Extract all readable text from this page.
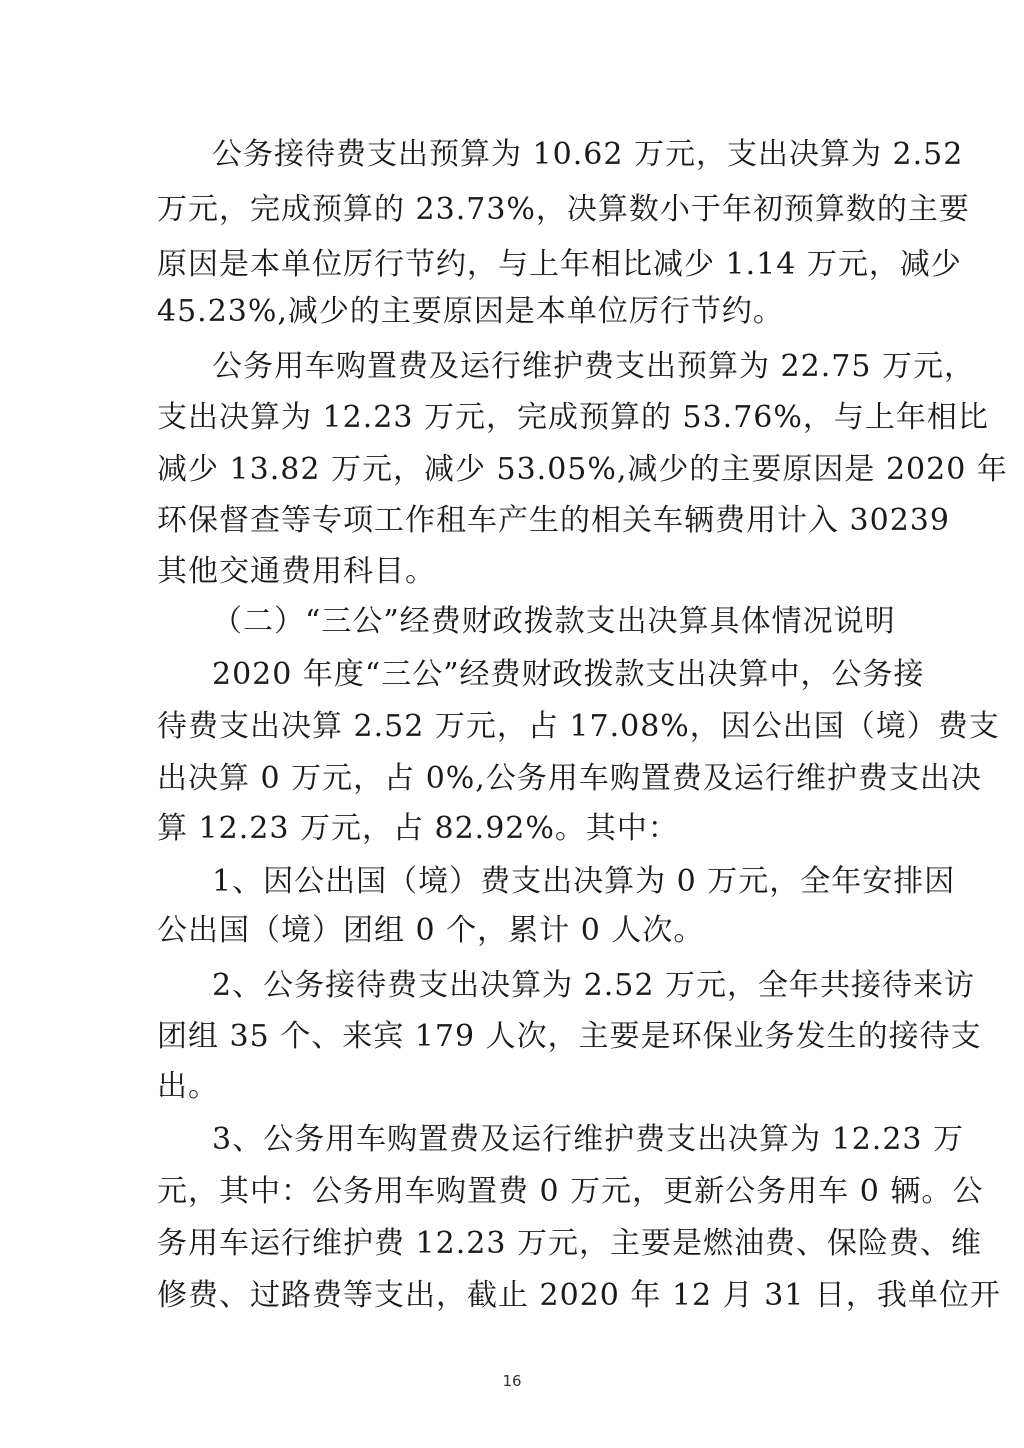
公务接待费支出预算为 10.62 万元，支出决算为 2.52
万元，完成预算的 23.73%，决算数小于年初预算数的主要
原因是本单位厉行节约，与上年相比减少 1.14 万元，减少
45.23%,减少的主要原因是本单位厉行节约。
公务用车购置费及运行维护费支出预算为 22.75 万元，
支出决算为 12.23 万元，完成预算的 53.76%，与上年相比
减少 13.82 万元，减少 53.05%,减少的主要原因是 2020 年
环保督查等专项工作租车产生的相关车辆费用计入 30239
其他交通费用科目。
（二）“三公”经费财政拨款支出决算具体情况说明
2020 年度“三公”经费财政拨款支出决算中，公务接
待费支出决算 2.52 万元，占 17.08%，因公出国（境）费支
出决算 0 万元，占 0%,公务用车购置费及运行维护费支出决
算 12.23 万元，占 82.92%。其中：
1、因公出国（境）费支出决算为 0 万元，全年安排因
公出国（境）团组 0 个，累计 0 人次。
2、公务接待费支出决算为 2.52 万元，全年共接待来访
团组 35 个、来宾 179 人次，主要是环保业务发生的接待支
出。
3、公务用车购置费及运行维护费支出决算为 12.23 万
元，其中：公务用车购置费 0 万元，更新公务用车 0 辆。公
务用车运行维护费 12.23 万元，主要是燃油费、保险费、维
修费、过路费等支出，截止 2020 年 12 月 31 日，我单位开
16
